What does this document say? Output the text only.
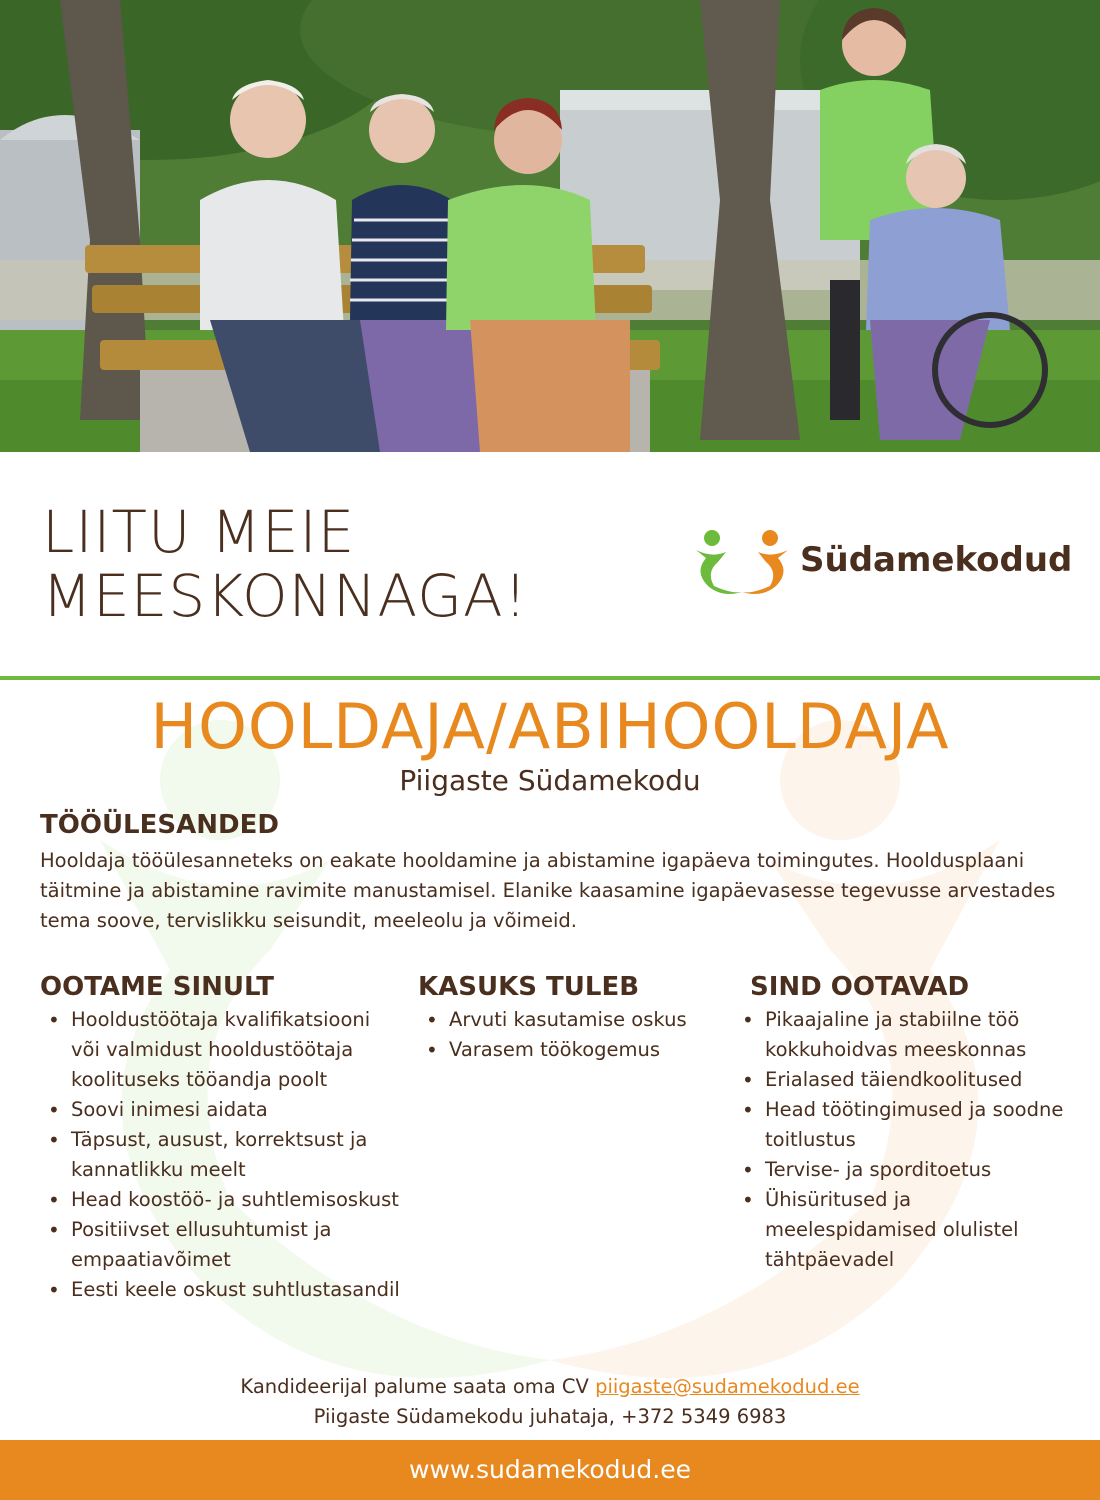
LIITU MEIE
MEESKONNAGA!
Südamekodud
HOOLDAJA/ABIHOOLDAJA
Piigaste Südamekodu
TÖÖÜLESANDED
Hooldaja tööülesanneteks on eakate hooldamine ja abistamine igapäeva toimingutes. Hooldusplaani täitmine ja abistamine ravimite manustamisel. Elanike kaasamine igapäevasesse tegevusse arvestades tema soove, tervislikku seisundit, meeleolu ja võimeid.
OOTAME SINULT
• Hooldustöötaja kvalifikatsiooni või valmidust hooldustöötaja koolituseks tööandja poolt
• Soovi inimesi aidata
• Täpsust, ausust, korrektsust ja kannatlikku meelt
• Head koostöö- ja suhtlemisoskust
• Positiivset ellusuhtumist ja empaatiavõimet
• Eesti keele oskust suhtlustasandil
KASUKS TULEB
• Arvuti kasutamise oskus
• Varasem töökogemus
SIND OOTAVAD
• Pikaajaline ja stabiilne töö kokkuhoidvas meeskonnas
• Erialased täiendkoolitused
• Head töötingimused ja soodne toitlustus
• Tervise- ja sporditoetus
• Ühisüritused ja meelespidamised olulistel tähtpäevadel
Kandideerijal palume saata oma CV piigaste@sudamekodud.ee
Piigaste Südamekodu juhataja, +372 5349 6983
www.sudamekodud.ee
